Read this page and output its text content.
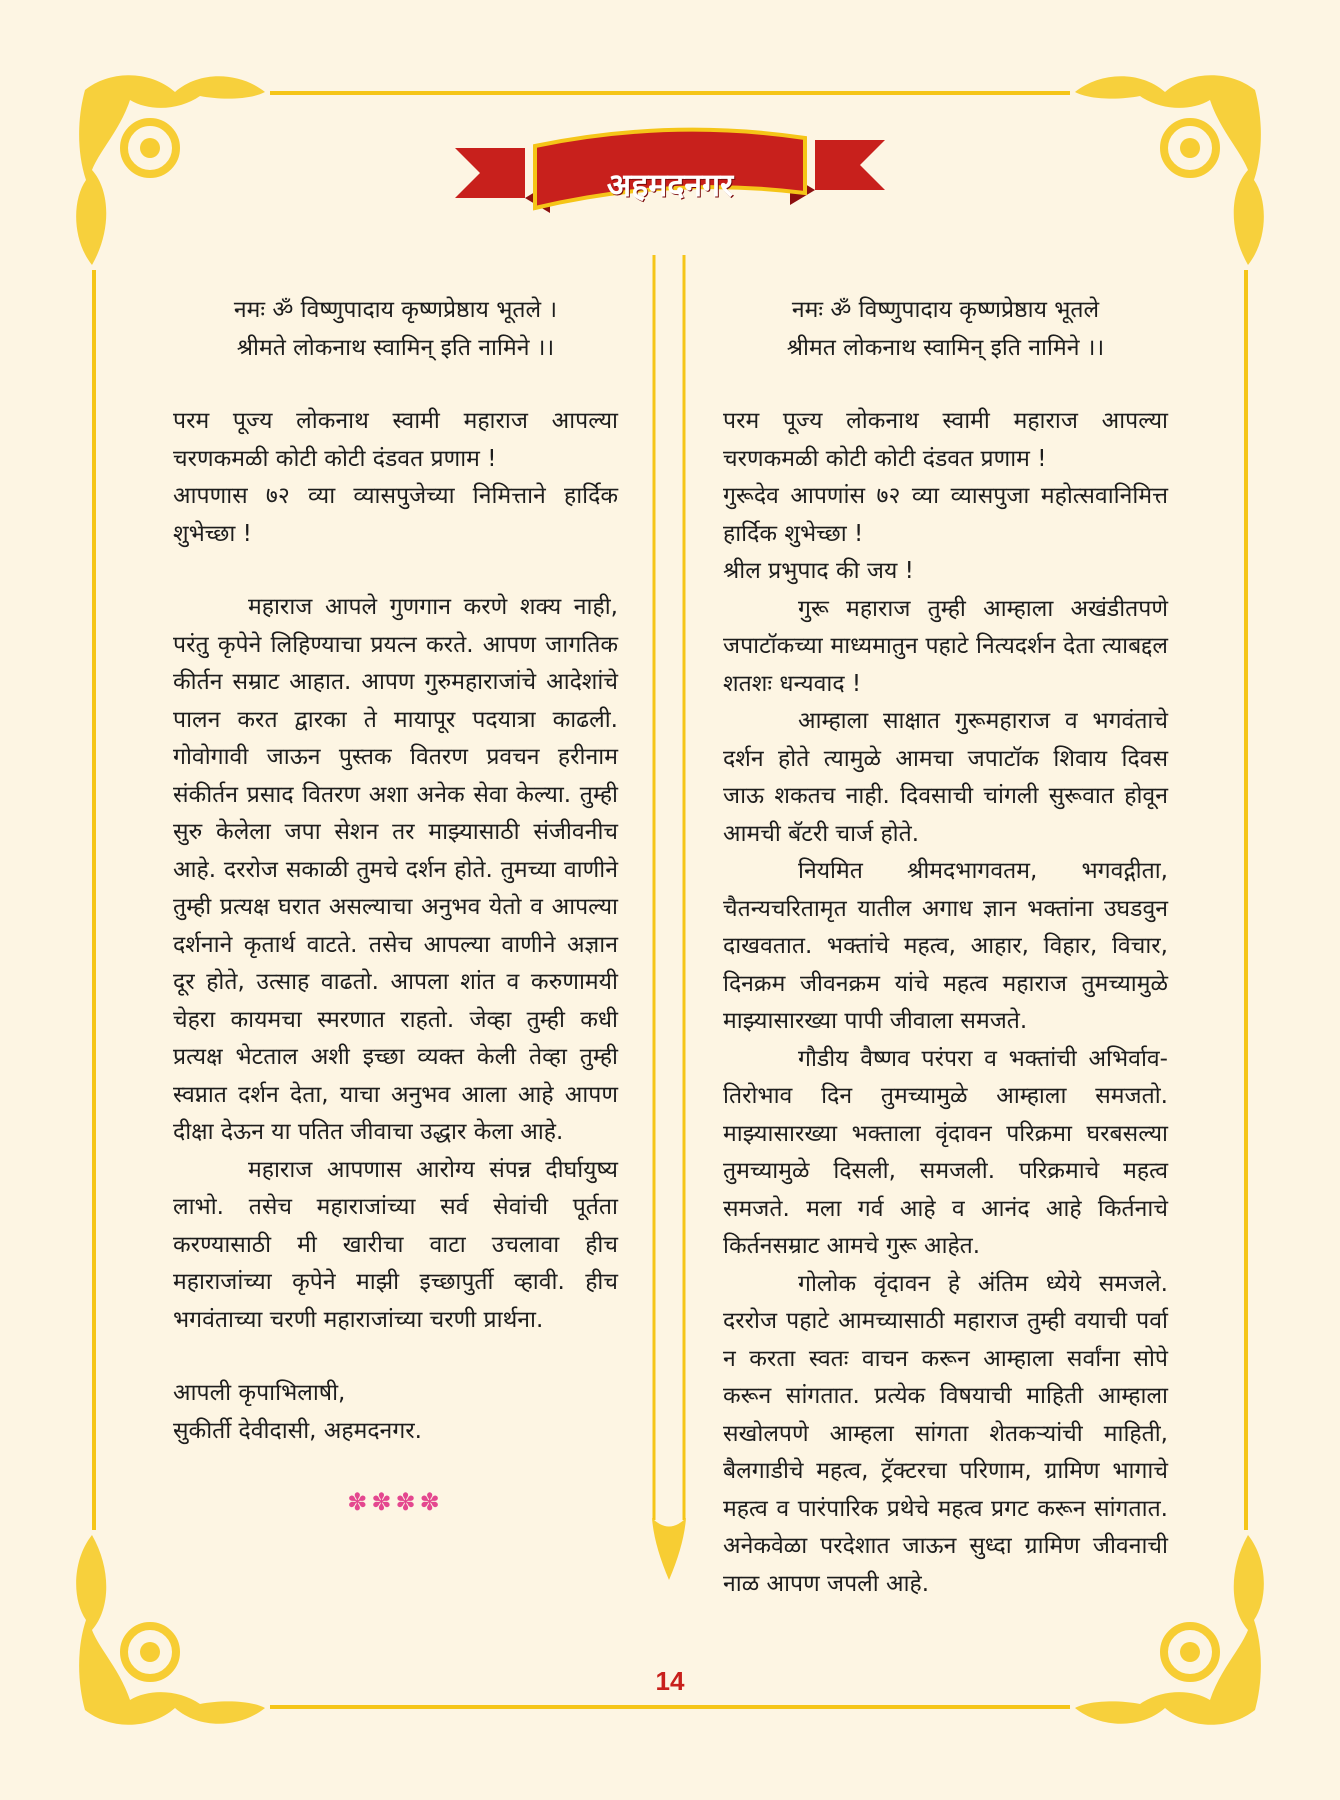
अहमदनगर
नमः ॐ विष्णुपादाय कृष्णप्रेष्ठाय भूतले ।
श्रीमते लोकनाथ स्वामिन् इति नामिने ।।

परम पूज्य लोकनाथ स्वामी महाराज आपल्या चरणकमळी कोटी कोटी दंडवत प्रणाम !

आपणास ७२ व्या व्यासपुजेच्या निमित्ताने हार्दिक शुभेच्छा !

महाराज आपले गुणगान करणे शक्य नाही, परंतु कृपेने लिहिण्याचा प्रयत्न करते. आपण जागतिक कीर्तन सम्राट आहात. आपण गुरुमहाराजांचे आदेशांचे पालन करत द्वारका ते मायापूर पदयात्रा काढली. गोवोगावी जाऊन पुस्तक वितरण प्रवचन हरीनाम संकीर्तन प्रसाद वितरण अशा अनेक सेवा केल्या. तुम्ही सुरु केलेला जपा सेशन तर माझ्यासाठी संजीवनीच आहे. दररोज सकाळी तुमचे दर्शन होते. तुमच्या वाणीने तुम्ही प्रत्यक्ष घरात असल्याचा अनुभव येतो व आपल्या दर्शनाने कृतार्थ वाटते. तसेच आपल्या वाणीने अज्ञान दूर होते, उत्साह वाढतो. आपला शांत व करुणामयी चेहरा कायमचा स्मरणात राहतो. जेव्हा तुम्ही कधी प्रत्यक्ष भेटताल अशी इच्छा व्यक्त केली तेव्हा तुम्ही स्वप्नात दर्शन देता, याचा अनुभव आला आहे आपण दीक्षा देऊन या पतित जीवाचा उद्धार केला आहे.

महाराज आपणास आरोग्य संपन्न दीर्घायुष्य लाभो. तसेच महाराजांच्या सर्व सेवांची पूर्तता करण्यासाठी मी खारीचा वाटा उचलावा हीच महाराजांच्या कृपेने माझी इच्छापुर्ती व्हावी. हीच भगवंताच्या चरणी महाराजांच्या चरणी प्रार्थना.

आपली कृपाभिलाषी,
सुकीर्ती देवीदासी, अहमदनगर.
✽✽✽✽
नमः ॐ विष्णुपादाय कृष्णप्रेष्ठाय भूतले
श्रीमत लोकनाथ स्वामिन् इति नामिने ।।

परम पूज्य लोकनाथ स्वामी महाराज आपल्या चरणकमळी कोटी कोटी दंडवत प्रणाम !

गुरूदेव आपणांस ७२ व्या व्यासपुजा महोत्सवानिमित्त हार्दिक शुभेच्छा !

श्रील प्रभुपाद की जय !

गुरू महाराज तुम्ही आम्हाला अखंडीतपणे जपाटॉकच्या माध्यमातुन पहाटे नित्यदर्शन देता त्याबद्दल शतशः धन्यवाद !

आम्हाला साक्षात गुरूमहाराज व भगवंताचे दर्शन होते त्यामुळे आमचा जपाटॉक शिवाय दिवस जाऊ शकतच नाही. दिवसाची चांगली सुरूवात होवून आमची बॅटरी चार्ज होते.

नियमित श्रीमदभागवतम, भगवद्गीता, चैतन्यचरितामृत यातील अगाध ज्ञान भक्तांना उघडवुन दाखवतात. भक्तांचे महत्व, आहार, विहार, विचार, दिनक्रम जीवनक्रम यांचे महत्व महाराज तुमच्यामुळे माझ्यासारख्या पापी जीवाला समजते.

गौडीय वैष्णव परंपरा व भक्तांची अभिर्वाव-तिरोभाव दिन तुमच्यामुळे आम्हाला समजतो. माझ्यासारख्या भक्ताला वृंदावन परिक्रमा घरबसल्या तुमच्यामुळे दिसली, समजली. परिक्रमाचे महत्व समजते. मला गर्व आहे व आनंद आहे किर्तनाचे किर्तनसम्राट आमचे गुरू आहेत.

गोलोक वृंदावन हे अंतिम ध्येये समजले. दररोज पहाटे आमच्यासाठी महाराज तुम्ही वयाची पर्वा न करता स्वतः वाचन करून आम्हाला सर्वांना सोपे करून सांगतात. प्रत्येक विषयाची माहिती आम्हाला सखोलपणे आम्हला सांगता शेतकऱ्यांची माहिती, बैलगाडीचे महत्व, ट्रॅक्टरचा परिणाम, ग्रामिण भागाचे महत्व व पारंपारिक प्रथेचे महत्व प्रगट करून सांगतात. अनेकवेळा परदेशात जाऊन सुध्दा ग्रामिण जीवनाची नाळ आपण जपली आहे.

14
